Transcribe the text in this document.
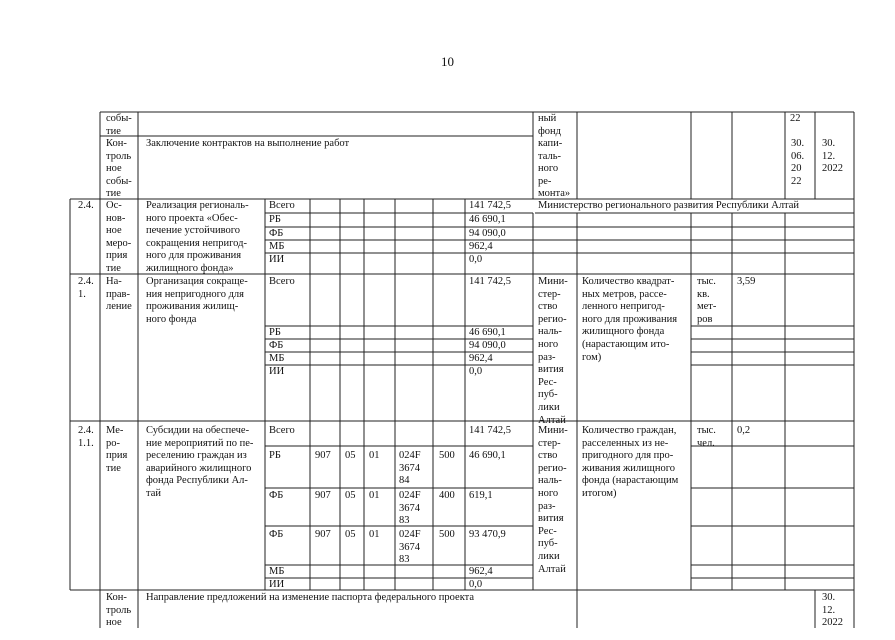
10

собы-
тие

ный
фонд

22

Кон-
троль
ное
собы-
тие

Заключение контрактов на выполнение работ	капи-
таль-
ного
ре-
монта»

30.
06.
20
22

30.
12.
2022

2.4. Ос-
нов-
ное
меро-
прия
тие

Реализация региональ-
ного проекта «Обес-
печение устойчивого
сокращения непригод-
ного для проживания
жилищного фонда»

Всего

РБ

ФБ

МБ

ИИ

141 742,5

46 690,1

94 090,0

962,4

0,0

Министерство регионального развития Республики Алтай

2.4.
1.

На-
прав-
ление

Организация сокраще-
ния непригодного для
проживания жилищ-
ного фонда

Всего

РБ

ФБ

МБ

ИИ

141 742,5

46 690,1

94 090,0

962,4

0,0

Мини-
стер-
ство
регио-
наль-
ного
раз-
вития
Рес-
пуб-
лики
Алтай

Количество квадрат-
ных метров, рассе-
ленного непригод-
ного для проживания
жилищного фонда
(нарастающим ито-
гом)

тыс.
кв.
мет-
ров

3,59

2.4.
1.1.

Ме-
ро-
прия
тие

Субсидии на обеспече-
ние мероприятий по пе-
реселению граждан из
аварийного жилищного
фонда Республики Ал-
тай

Всего

РБ

ФБ

ФБ

МБ

ИИ

907

907

907

05

05

05

01

01

01

024F
3674
84

024F
3674
83

024F
3674
83

500

400

500

141 742,5

46 690,1

619,1

93 470,9

962,4

0,0

Мини-
стер-
ство
регио-
наль-
ного
раз-
вития
Рес-
пуб-
лики
Алтай

Количество граждан,
расселенных из не-
пригодного для про-
живания жилищного
фонда (нарастающим
итогом)

тыс.
чел.

0,2

Кон-
троль
ное

Направление предложений на изменение паспорта федерального проекта	30.
12.
2022
